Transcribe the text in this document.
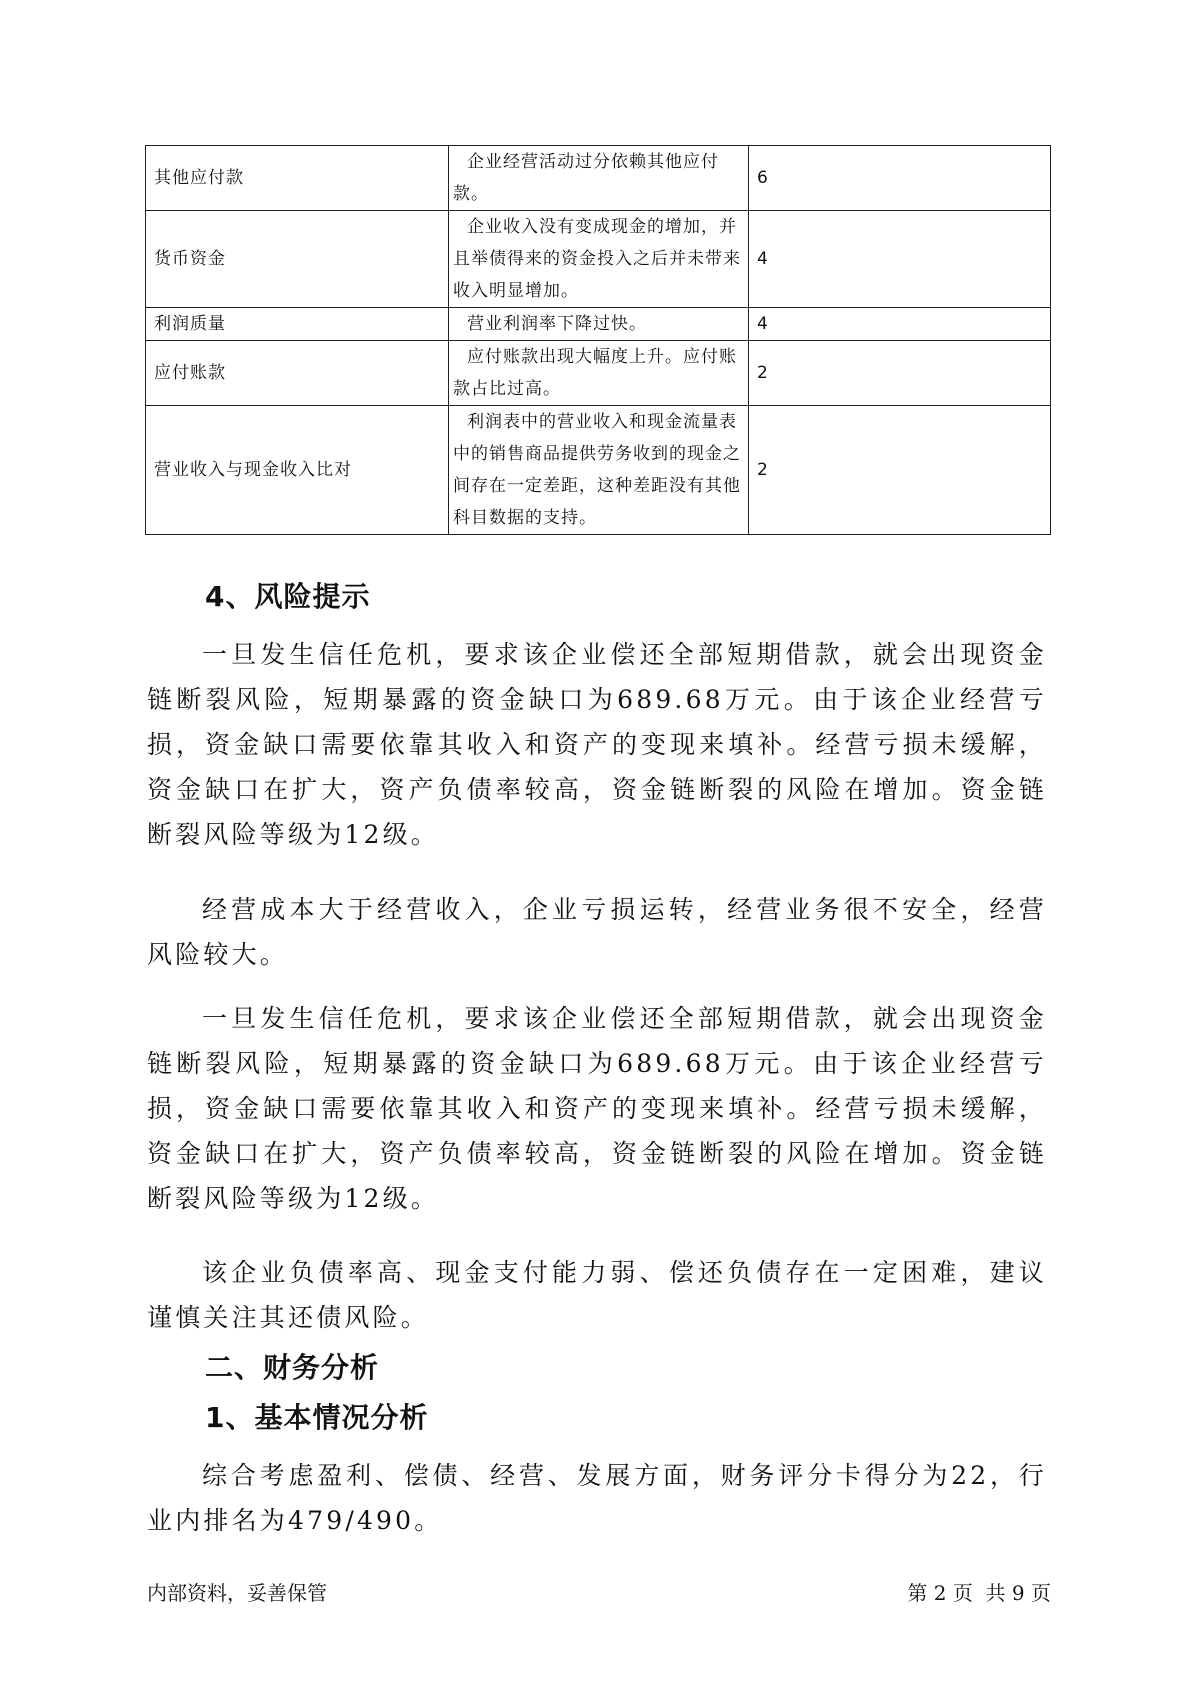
其他应付款	企业经营活动过分依赖其他应付款。	6
货币资金	企业收入没有变成现金的增加，并且举债得来的资金投入之后并未带来收入明显增加。	4
利润质量	营业利润率下降过快。	4
应付账款	应付账款出现大幅度上升。应付账款占比过高。	2
营业收入与现金收入比对	利润表中的营业收入和现金流量表中的销售商品提供劳务收到的现金之间存在一定差距，这种差距没有其他科目数据的支持。	2
4、风险提示

一旦发生信任危机，要求该企业偿还全部短期借款，就会出现资金链断裂风险，短期暴露的资金缺口为689.68万元。由于该企业经营亏损，资金缺口需要依靠其收入和资产的变现来填补。经营亏损未缓解，资金缺口在扩大，资产负债率较高，资金链断裂的风险在增加。资金链断裂风险等级为12级。

经营成本大于经营收入，企业亏损运转，经营业务很不安全，经营风险较大。

一旦发生信任危机，要求该企业偿还全部短期借款，就会出现资金链断裂风险，短期暴露的资金缺口为689.68万元。由于该企业经营亏损，资金缺口需要依靠其收入和资产的变现来填补。经营亏损未缓解，资金缺口在扩大，资产负债率较高，资金链断裂的风险在增加。资金链断裂风险等级为12级。

该企业负债率高、现金支付能力弱、偿还负债存在一定困难，建议谨慎关注其还债风险。

二、财务分析
1、基本情况分析

综合考虑盈利、偿债、经营、发展方面，财务评分卡得分为22，行业内排名为479/490。

内部资料，妥善保管	第 2 页  共 9 页
